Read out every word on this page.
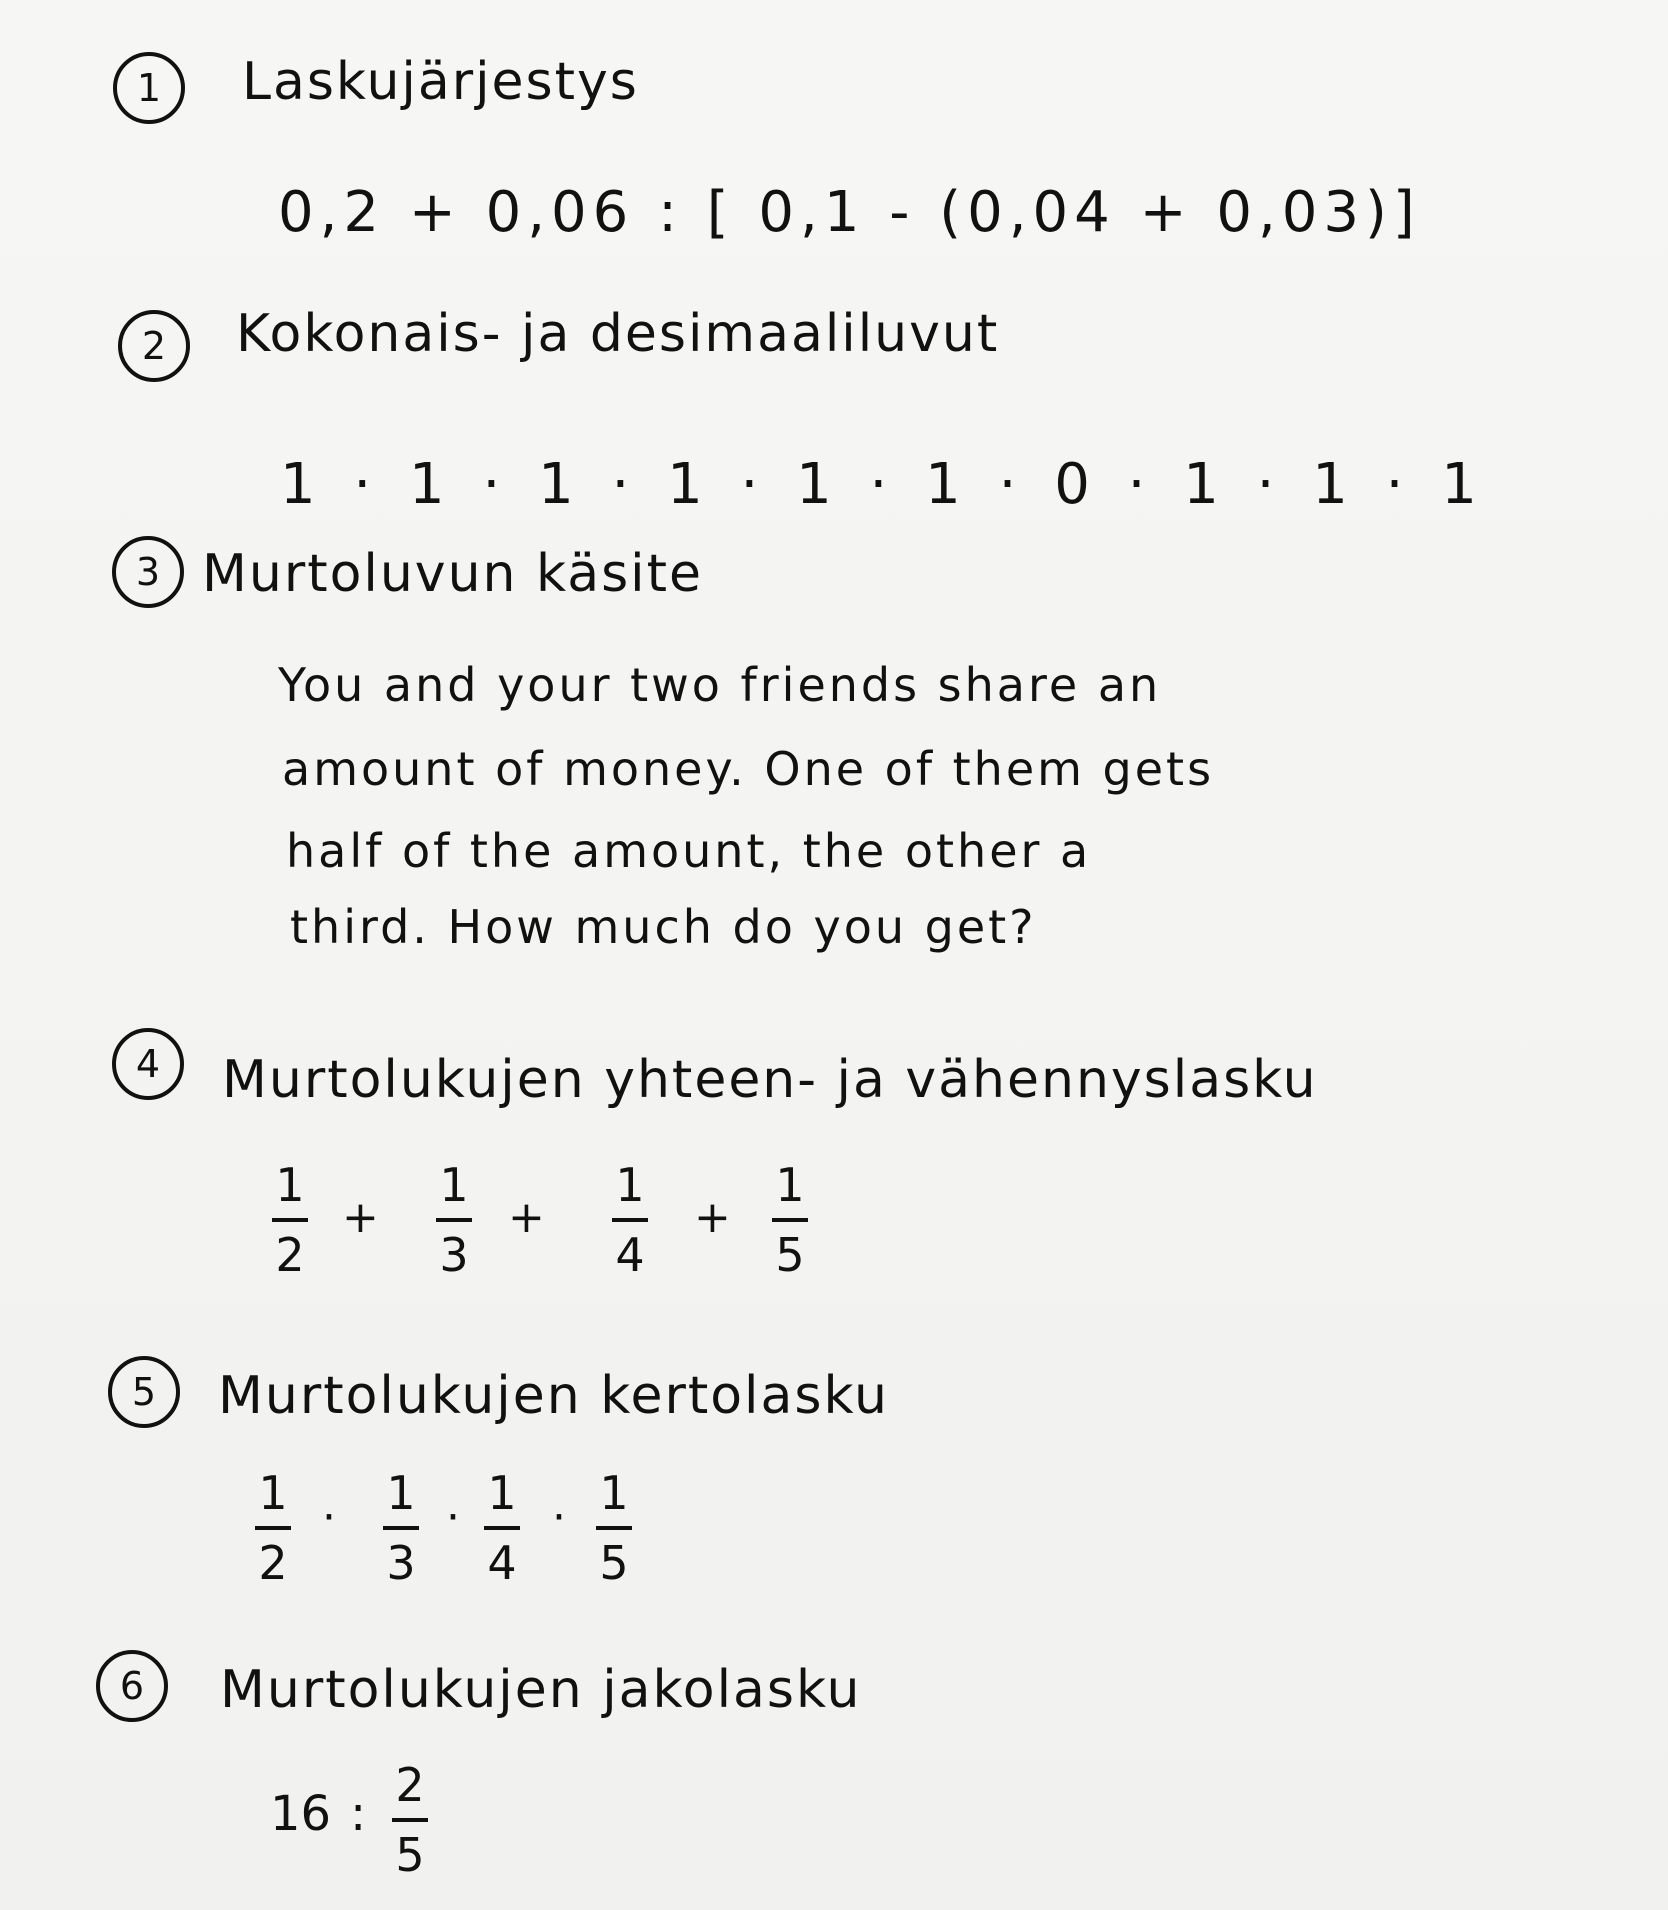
1	Laskujärjestys
0,2 + 0,06 : [ 0,1 - (0,04 + 0,03)]
2	Kokonais- ja desimaaliluvut
1 · 1 · 1 · 1 · 1 · 1 · 0 · 1 · 1 · 1
3 Murtoluvun käsite
You and your two friends share an
amount of money. One of them gets
half of the amount, the other a
third. How much do you get?
4	Murtolukujen yhteen- ja vähennyslasku
1
2
+
1
3
+
1
4
+
1
5
5	Murtolukujen kertolasku
1
2
· 1
3
· 1
4
· 1
5
6	Murtolukujen jakolasku
16 :
2
5
